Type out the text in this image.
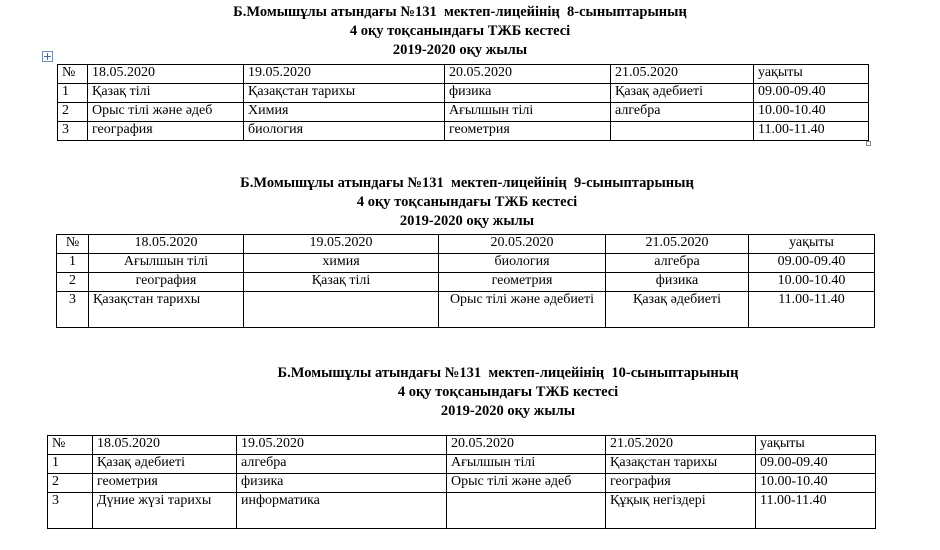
Б.Момышұлы атындағы №131  мектеп-лицейінің  8-сыныптарының
4 оқу тоқсанындағы ТЖБ кестесі
2019-2020 оқу жылы
№	18.05.2020	19.05.2020	20.05.2020	21.05.2020	уақыты
1	Қазақ тілі	Қазақстан тарихы	физика	Қазақ әдебиеті	09.00-09.40
2	Орыс тілі және әдеб	Химия	Ағылшын тілі	алгебра	10.00-10.40
3	география	биология	геометрия		11.00-11.40
Б.Момышұлы атындағы №131  мектеп-лицейінің  9-сыныптарының
4 оқу тоқсанындағы ТЖБ кестесі
2019-2020 оқу жылы
№	18.05.2020	19.05.2020	20.05.2020	21.05.2020	уақыты
1	Ағылшын тілі	химия	биология	алгебра	09.00-09.40
2	география	Қазақ тілі	геометрия	физика	10.00-10.40
3	Қазақстан тарихы		Орыс тілі және әдебиеті	Қазақ әдебиеті	11.00-11.40
Б.Момышұлы атындағы №131  мектеп-лицейінің  10-сыныптарының
4 оқу тоқсанындағы ТЖБ кестесі
2019-2020 оқу жылы
№	18.05.2020	19.05.2020	20.05.2020	21.05.2020	уақыты
1	Қазақ әдебиеті	алгебра	Ағылшын тілі	Қазақстан тарихы	09.00-09.40
2	геометрия	физика	Орыс тілі және әдеб	география	10.00-10.40
3	Дүние жүзі тарихы	информатика		Құқық негіздері	11.00-11.40
